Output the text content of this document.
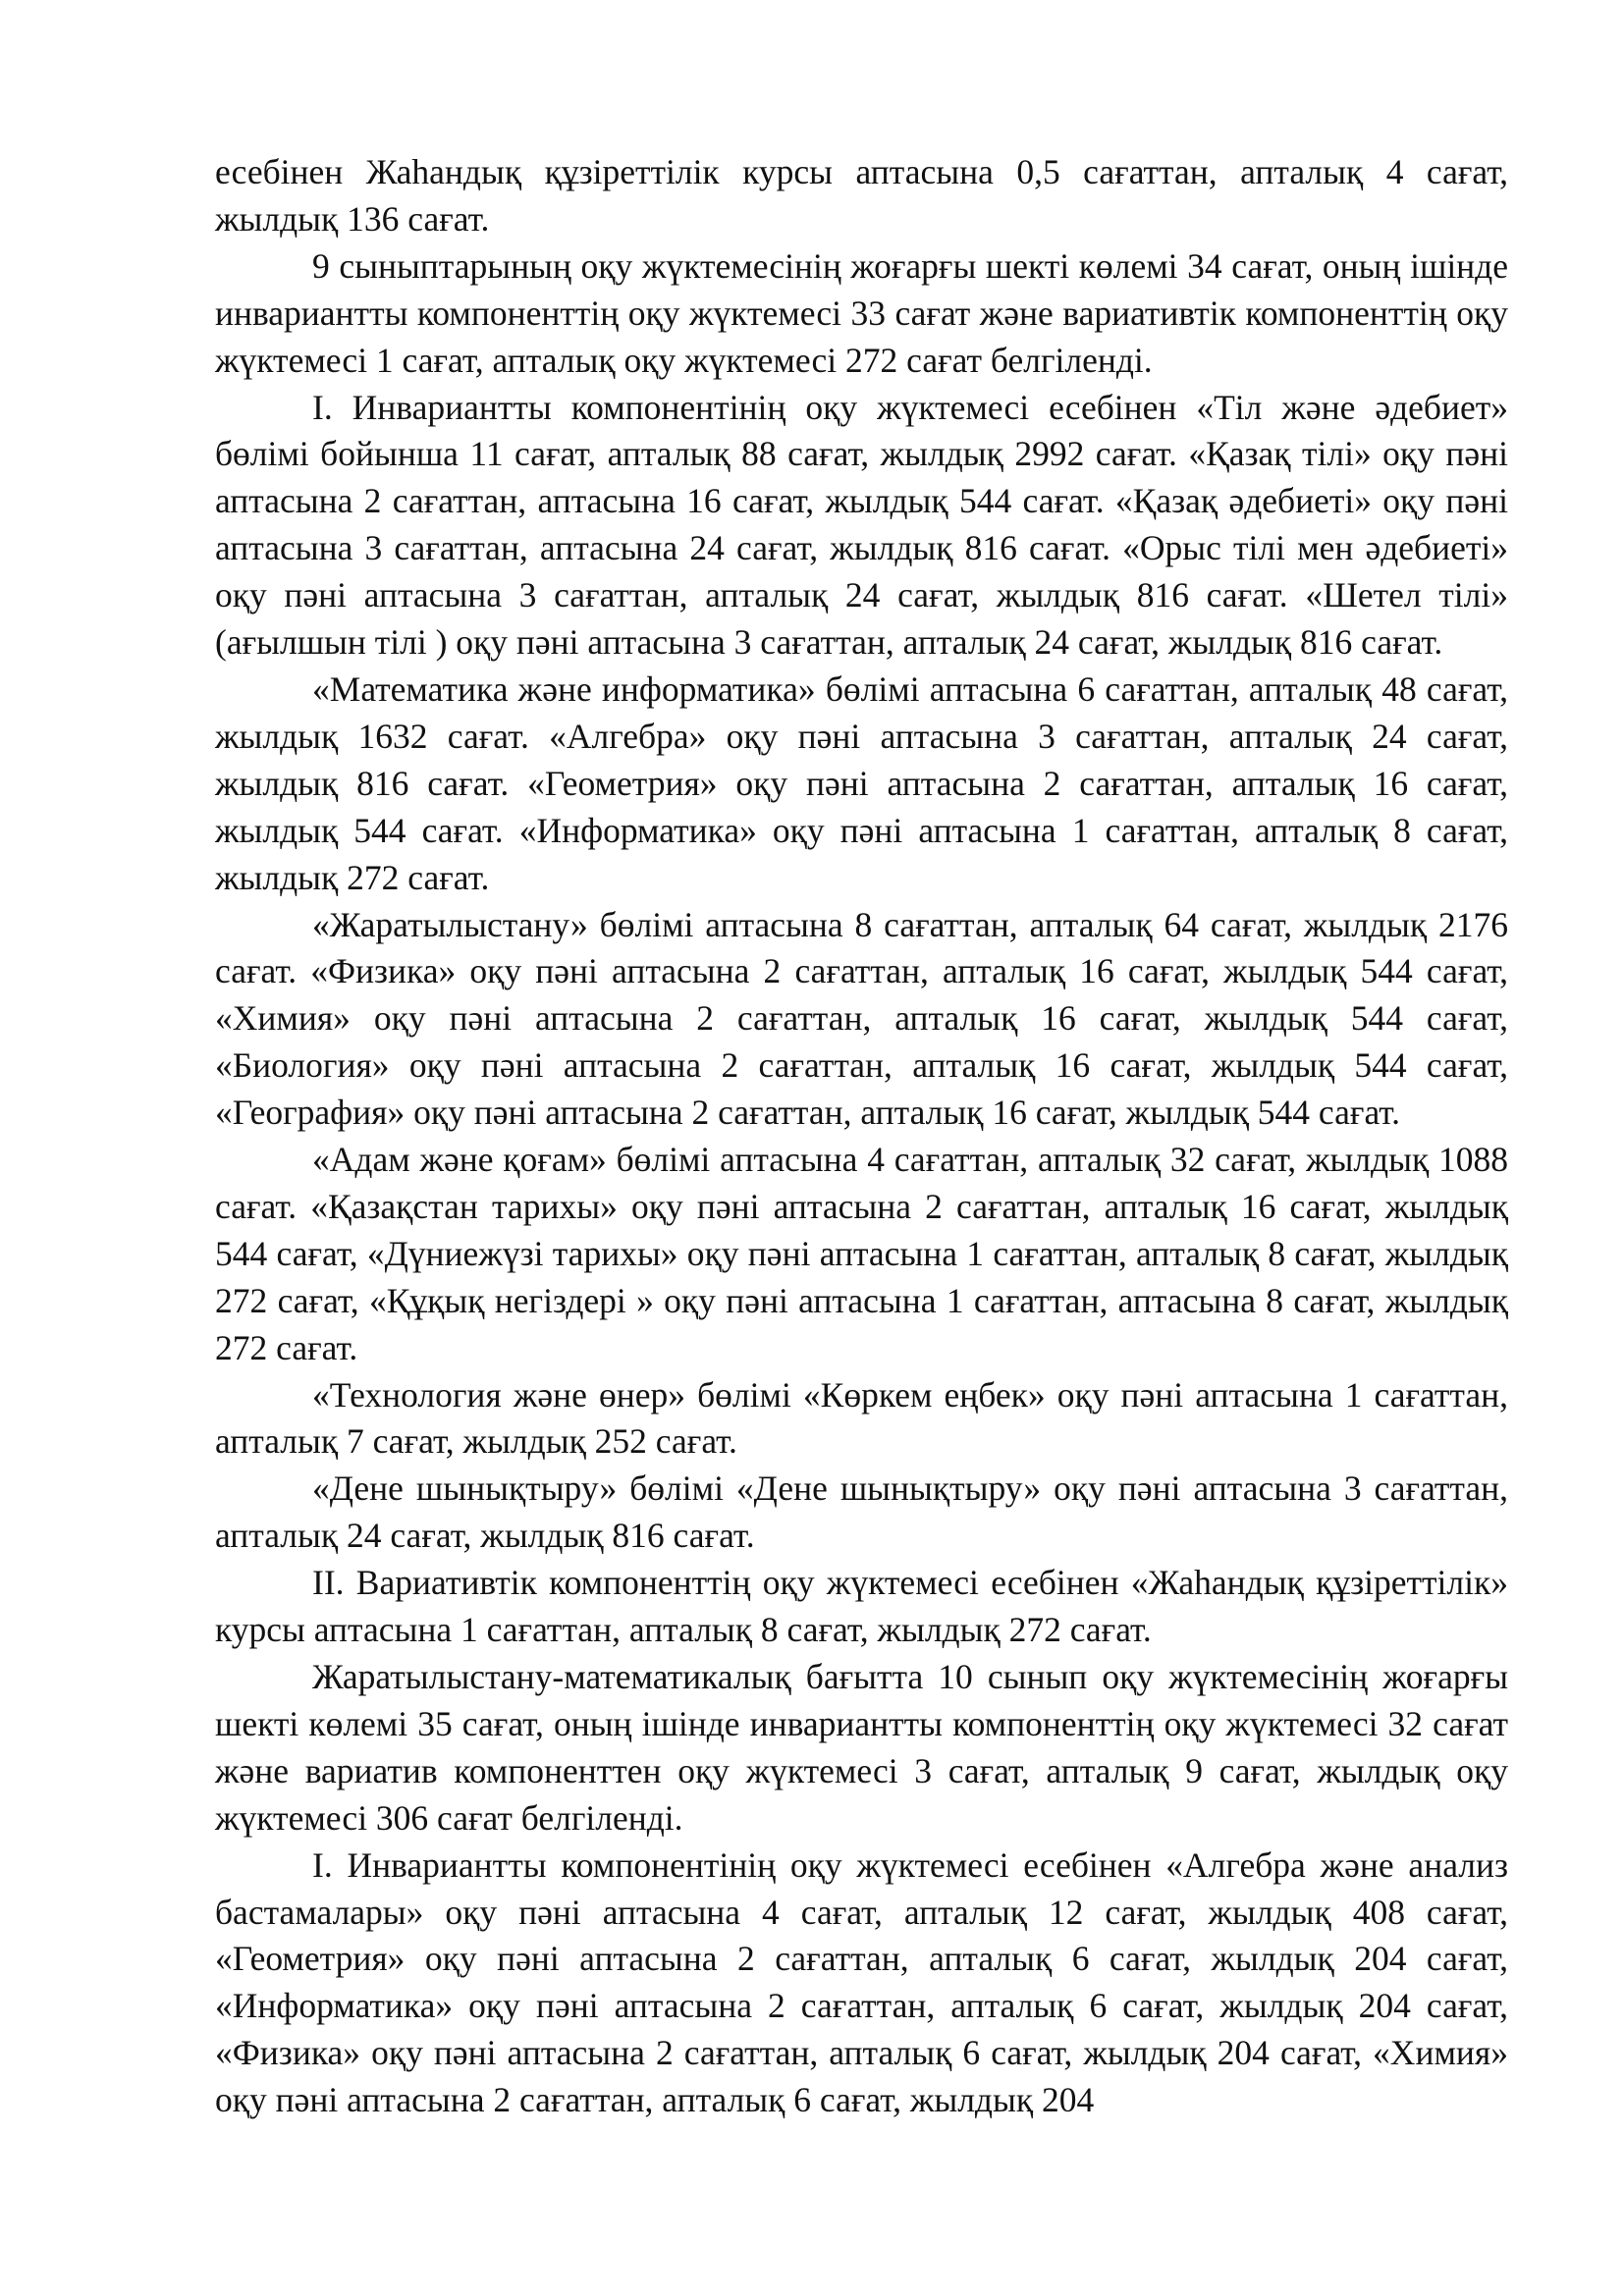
есебінен Жаһандық құзіреттілік курсы аптасына 0,5 сағаттан, апталық 4 сағат, жылдық 136 сағат.

9 сыныптарының оқу жүктемесінің жоғарғы шекті көлемі 34 сағат, оның ішінде инвариантты компоненттің оқу жүктемесі 33 сағат және вариативтік компоненттің оқу жүктемесі 1 сағат, апталық оқу жүктемесі 272 сағат белгіленді.

І. Инвариантты компонентінің оқу жүктемесі есебінен «Тіл және әдебиет» бөлімі бойынша 11 сағат, апталық 88 сағат, жылдық 2992 сағат. «Қазақ тілі» оқу пәні аптасына 2 сағаттан, аптасына 16 сағат, жылдық 544 сағат. «Қазақ әдебиеті» оқу пәні аптасына 3 сағаттан, аптасына 24 сағат, жылдық 816 сағат. «Орыс тілі мен әдебиеті» оқу пәні аптасына 3 сағаттан, апталық 24 сағат, жылдық 816 сағат. «Шетел тілі» (ағылшын тілі ) оқу пәні аптасына 3 сағаттан, апталық 24 сағат, жылдық 816 сағат.

«Математика және информатика» бөлімі аптасына 6 сағаттан, апталық 48 сағат, жылдық 1632 сағат. «Алгебра» оқу пәні аптасына 3 сағаттан, апталық 24 сағат, жылдық 816 сағат. «Геометрия» оқу пәні аптасына 2 сағаттан, апталық 16 сағат, жылдық 544 сағат. «Информатика» оқу пәні аптасына 1 сағаттан, апталық 8 сағат, жылдық 272 сағат.

«Жаратылыстану» бөлімі аптасына 8 сағаттан, апталық 64 сағат, жылдық 2176 сағат. «Физика» оқу пәні аптасына 2 сағаттан, апталық 16 сағат, жылдық 544 сағат, «Химия» оқу пәні аптасына 2 сағаттан, апталық 16 сағат, жылдық 544 сағат, «Биология» оқу пәні аптасына 2 сағаттан, апталық 16 сағат, жылдық 544 сағат, «География» оқу пәні аптасына 2 сағаттан, апталық 16 сағат, жылдық 544 сағат.

«Адам және қоғам» бөлімі аптасына 4 сағаттан, апталық 32 сағат, жылдық 1088 сағат. «Қазақстан тарихы» оқу пәні аптасына 2 сағаттан, апталық 16 сағат, жылдық 544 сағат, «Дүниежүзі тарихы» оқу пәні аптасына 1 сағаттан, апталық 8 сағат, жылдық 272 сағат, «Құқық негіздері » оқу пәні аптасына 1 сағаттан, аптасына 8 сағат, жылдық 272 сағат.

«Технология және өнер» бөлімі «Көркем еңбек» оқу пәні аптасына 1 сағаттан, апталық 7 сағат, жылдық 252 сағат.

«Дене шынықтыру» бөлімі «Дене шынықтыру» оқу пәні аптасына 3 сағаттан, апталық 24 сағат, жылдық 816 сағат.

ІІ. Вариативтік компоненттің оқу жүктемесі есебінен «Жаһандық құзіреттілік» курсы аптасына 1 сағаттан, апталық 8 сағат, жылдық 272 сағат.

Жаратылыстану-математикалық бағытта 10 сынып оқу жүктемесінің жоғарғы шекті көлемі 35 сағат, оның ішінде инвариантты компоненттің оқу жүктемесі 32 сағат және вариатив компоненттен оқу жүктемесі 3 сағат, апталық 9 сағат, жылдық оқу жүктемесі 306 сағат белгіленді.

І. Инвариантты компонентінің оқу жүктемесі есебінен «Алгебра және анализ бастамалары» оқу пәні аптасына 4 сағат, апталық 12 сағат, жылдық 408 сағат, «Геометрия» оқу пәні аптасына 2 сағаттан, апталық 6 сағат, жылдық 204 сағат, «Информатика» оқу пәні аптасына 2 сағаттан, апталық 6 сағат, жылдық 204 сағат, «Физика» оқу пәні аптасына 2 сағаттан, апталық 6 сағат, жылдық 204 сағат, «Химия» оқу пәні аптасына 2 сағаттан, апталық 6 сағат, жылдық 204
